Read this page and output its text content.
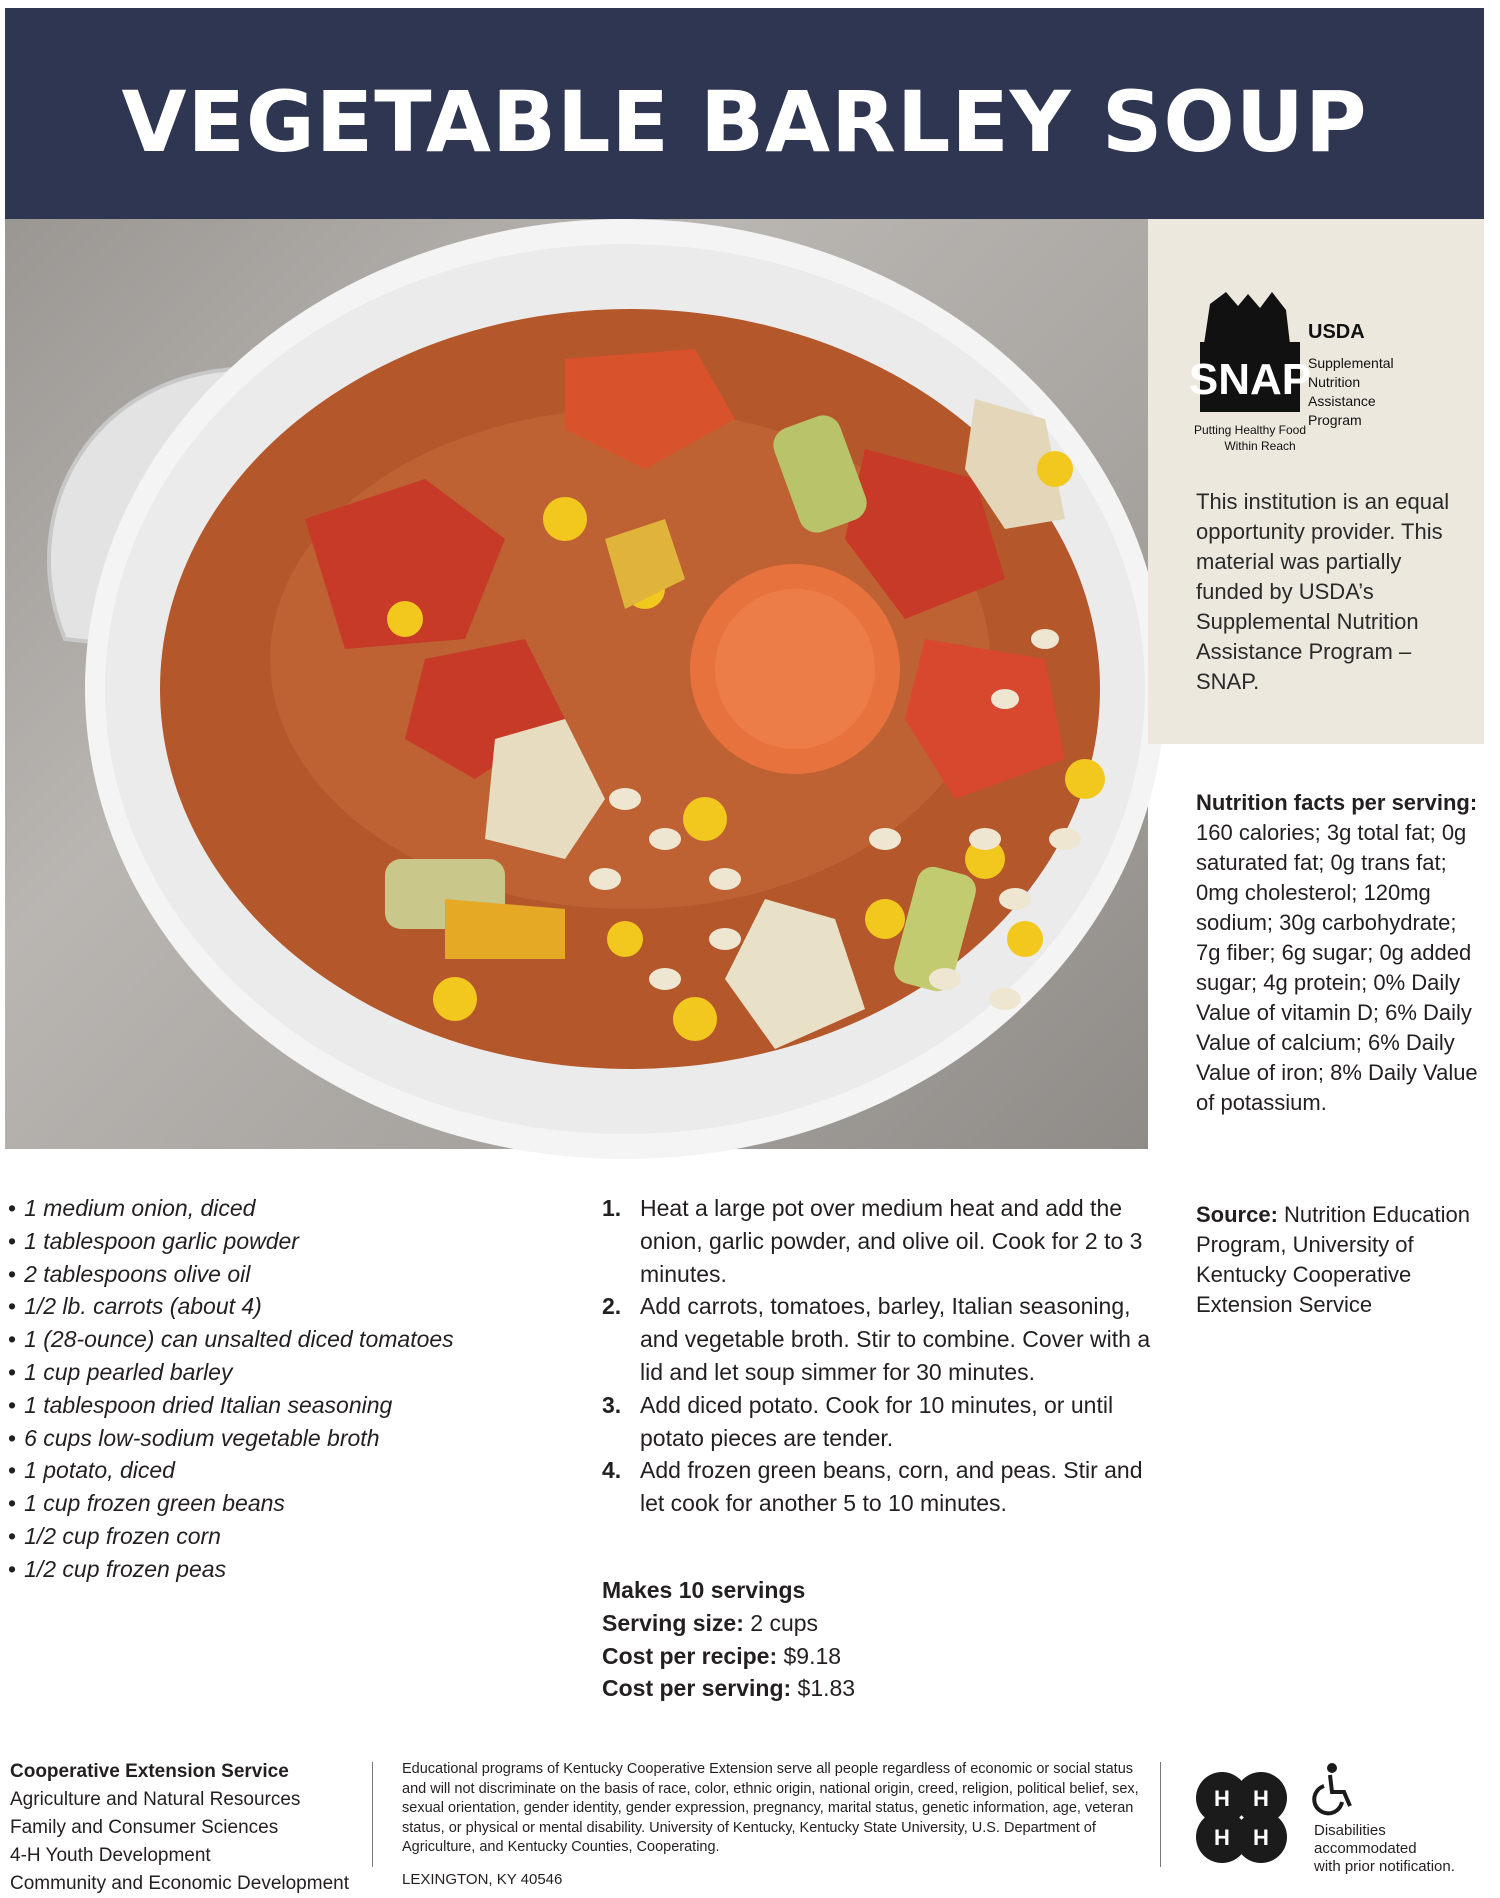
VEGETABLE BARLEY SOUP
SNAP
USDA
Supplemental
Nutrition
Assistance
Program
Putting Healthy Food
Within Reach

This institution is an equal opportunity provider. This material was partially funded by USDA’s Supplemental Nutrition Assistance Program – SNAP.

Nutrition facts per serving:
160 calories; 3g total fat; 0g saturated fat; 0g trans fat; 0mg cholesterol; 120mg sodium; 30g carbohydrate; 7g fiber; 6g sugar; 0g added sugar; 4g protein; 0% Daily Value of vitamin D; 6% Daily Value of calcium; 6% Daily Value of iron; 8% Daily Value of potassium.
Source: Nutrition Education Program, University of Kentucky Cooperative Extension Service
• 1 medium onion, diced
• 1 tablespoon garlic powder
• 2 tablespoons olive oil
• 1/2 lb. carrots (about 4)
• 1 (28-ounce) can unsalted diced tomatoes
• 1 cup pearled barley
• 1 tablespoon dried Italian seasoning
• 6 cups low-sodium vegetable broth
• 1 potato, diced
• 1 cup frozen green beans
• 1/2 cup frozen corn
• 1/2 cup frozen peas
1. Heat a large pot over medium heat and add the onion, garlic powder, and olive oil. Cook for 2 to 3 minutes.
2. Add carrots, tomatoes, barley, Italian seasoning, and vegetable broth. Stir to combine. Cover with a lid and let soup simmer for 30 minutes.
3. Add diced potato. Cook for 10 minutes, or until potato pieces are tender.
4. Add frozen green beans, corn, and peas. Stir and let cook for another 5 to 10 minutes.
Makes 10 servings
Serving size: 2 cups
Cost per recipe: $9.18
Cost per serving: $1.83
Cooperative Extension Service
Agriculture and Natural Resources
Family and Consumer Sciences
4-H Youth Development
Community and Economic Development
Educational programs of Kentucky Cooperative Extension serve all people regardless of economic or social status and will not discriminate on the basis of race, color, ethnic origin, national origin, creed, religion, political belief, sex, sexual orientation, gender identity, gender expression, pregnancy, marital status, genetic information, age, veteran status, or physical or mental disability. University of Kentucky, Kentucky State University, U.S. Department of Agriculture, and Kentucky Counties, Cooperating.
LEXINGTON, KY 40546
H H
H H	Disabilities
accommodated
with prior notification.
